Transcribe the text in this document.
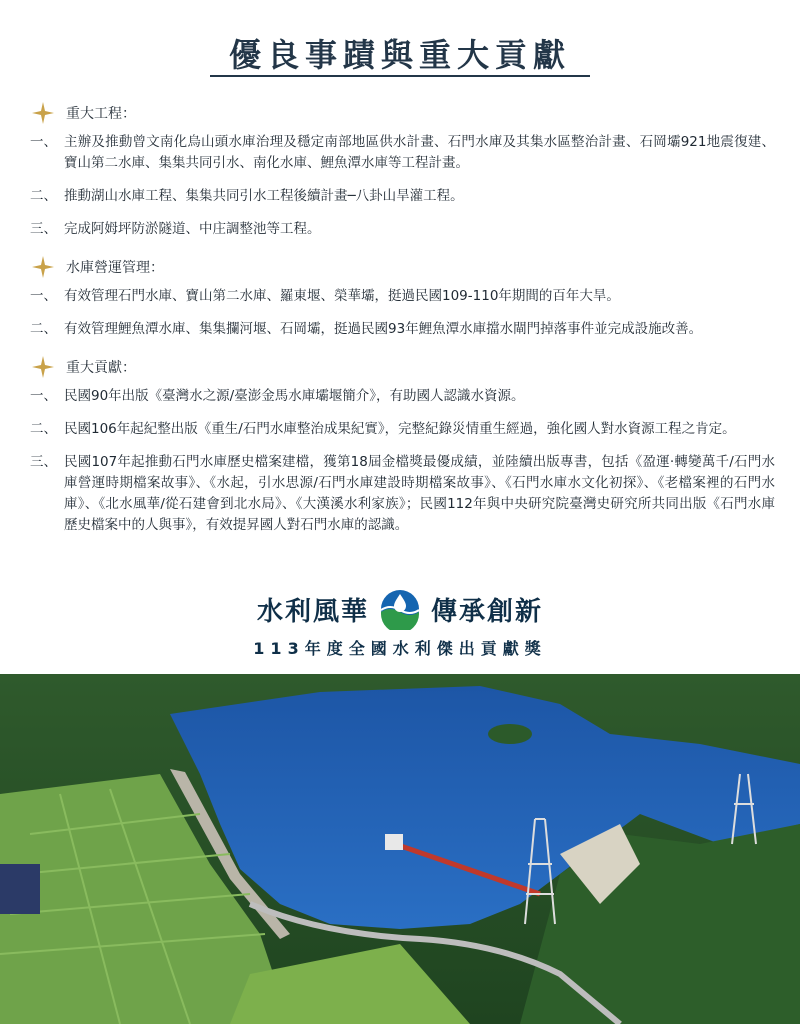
優良事蹟與重大貢獻
重大工程：
一、 主辦及推動曾文南化烏山頭水庫治理及穩定南部地區供水計畫、石門水庫及其集水區整治計畫、石岡壩921地震復建、寶山第二水庫、集集共同引水、南化水庫、鯉魚潭水庫等工程計畫。
二、 推動湖山水庫工程、集集共同引水工程後續計畫─八卦山旱灌工程。
三、 完成阿姆坪防淤隧道、中庄調整池等工程。
水庫營運管理：
一、 有效管理石門水庫、寶山第二水庫、羅東堰、榮華壩，挺過民國109-110年期間的百年大旱。
二、 有效管理鯉魚潭水庫、集集攔河堰、石岡壩，挺過民國93年鯉魚潭水庫擋水閘門掉落事件並完成設施改善。
重大貢獻：
一、 民國90年出版《臺灣水之源/臺澎金馬水庫壩堰簡介》，有助國人認識水資源。
二、 民國106年起紀整出版《重生/石門水庫整治成果紀實》，完整紀錄災情重生經過，強化國人對水資源工程之肯定。
三、 民國107年起推動石門水庫歷史檔案建檔，獲第18屆金檔獎最優成績，並陸續出版專書，包括《盈運‧轉變萬千/石門水庫營運時期檔案故事》、《水起，引水思源/石門水庫建設時期檔案故事》、《石門水庫水文化初探》、《老檔案裡的石門水庫》、《北水風華/從石建會到北水局》、《大漢溪水利家族》；民國112年與中央研究院臺灣史研究所共同出版《石門水庫歷史檔案中的人與事》，有效提昇國人對石門水庫的認識。
水利風華 傳承創新
113年度全國水利傑出貢獻獎
